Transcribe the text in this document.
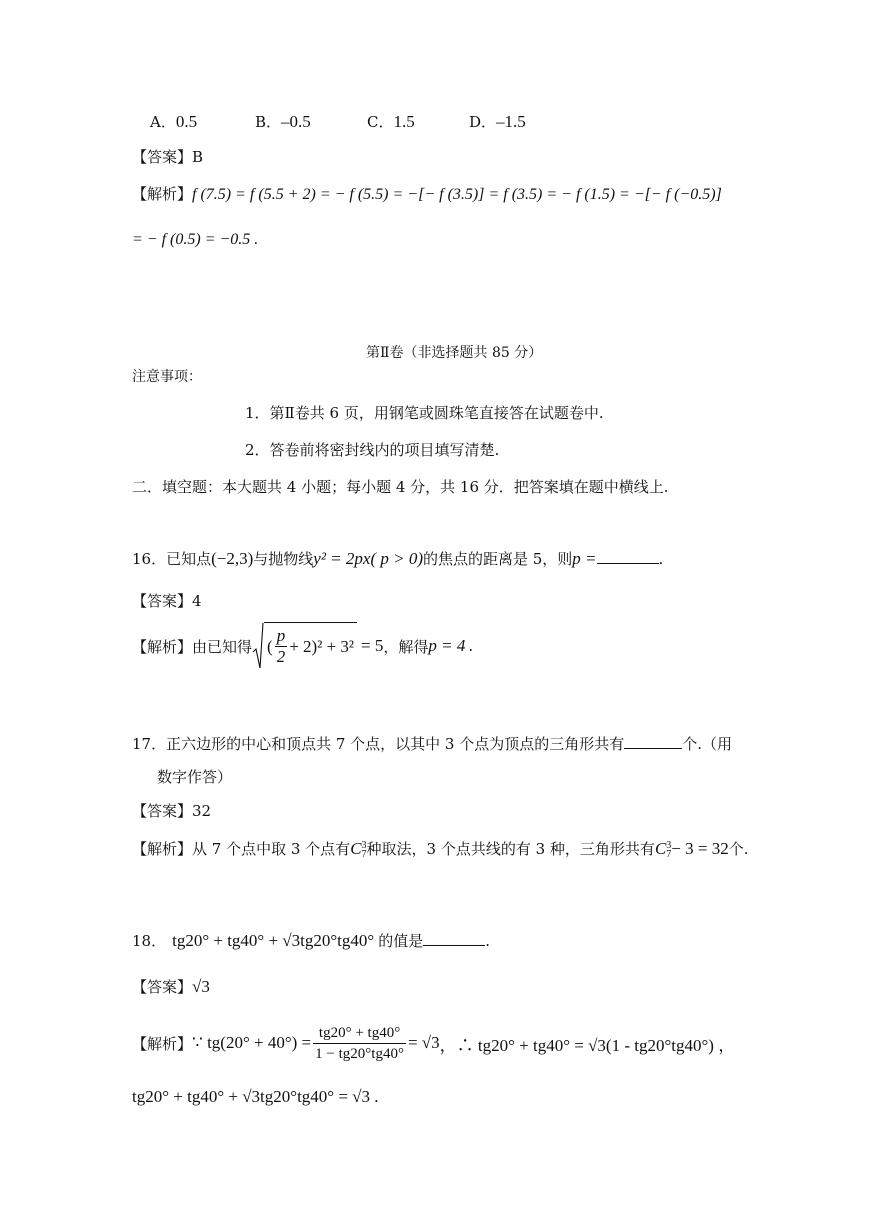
A．0.5	B．–0.5	C．1.5	D．–1.5
【答案】B
【解析】f (7.5) = f (5.5 + 2) = − f (5.5) = −[− f (3.5)] = f (3.5) = − f (1.5) = −[− f (−0.5)]
= − f (0.5) = −0.5 .
第Ⅱ卷（非选择题共 85 分）
注意事项：
1．第Ⅱ卷共 6 页，用钢笔或圆珠笔直接答在试题卷中.
2．答卷前将密封线内的项目填写清楚.
二．填空题：本大题共 4 小题；每小题 4 分，共 16 分．把答案填在题中横线上.
16．已知点(−2,3)与抛物线y² = 2px( p > 0)的焦点的距离是 5，则p =	.
【答案】4
【解析】 由已知得 ( $\frac{p}{2} + 2)^2 + 3^2 = 5$ ，解得 p = 4 .
17．正六边形的中心和顶点共 7 个点，以其中 3 个点为顶点的三角形共有	个.（用
数字作答）
【答案】32
【解析】从 7 个点中取 3 个点有C 3
7 种取法，3 个点共线的有 3 种，三角形共有C 3
7 − 3 = 32个.
18． tg20° + tg40° + √3tg20°tg40° 的值是	.
【答案】√3
【解析】 ∵ $tg(20^\circ + 40^\circ) = \frac{tg20^\circ + tg40^\circ}{1 - tg20^\circ tg40^\circ} = √3$ ，∴ tg20° + tg40° = √3(1 - tg20°tg40°) ，
tg20° + tg40° + √3tg20°tg40° = √3 .
